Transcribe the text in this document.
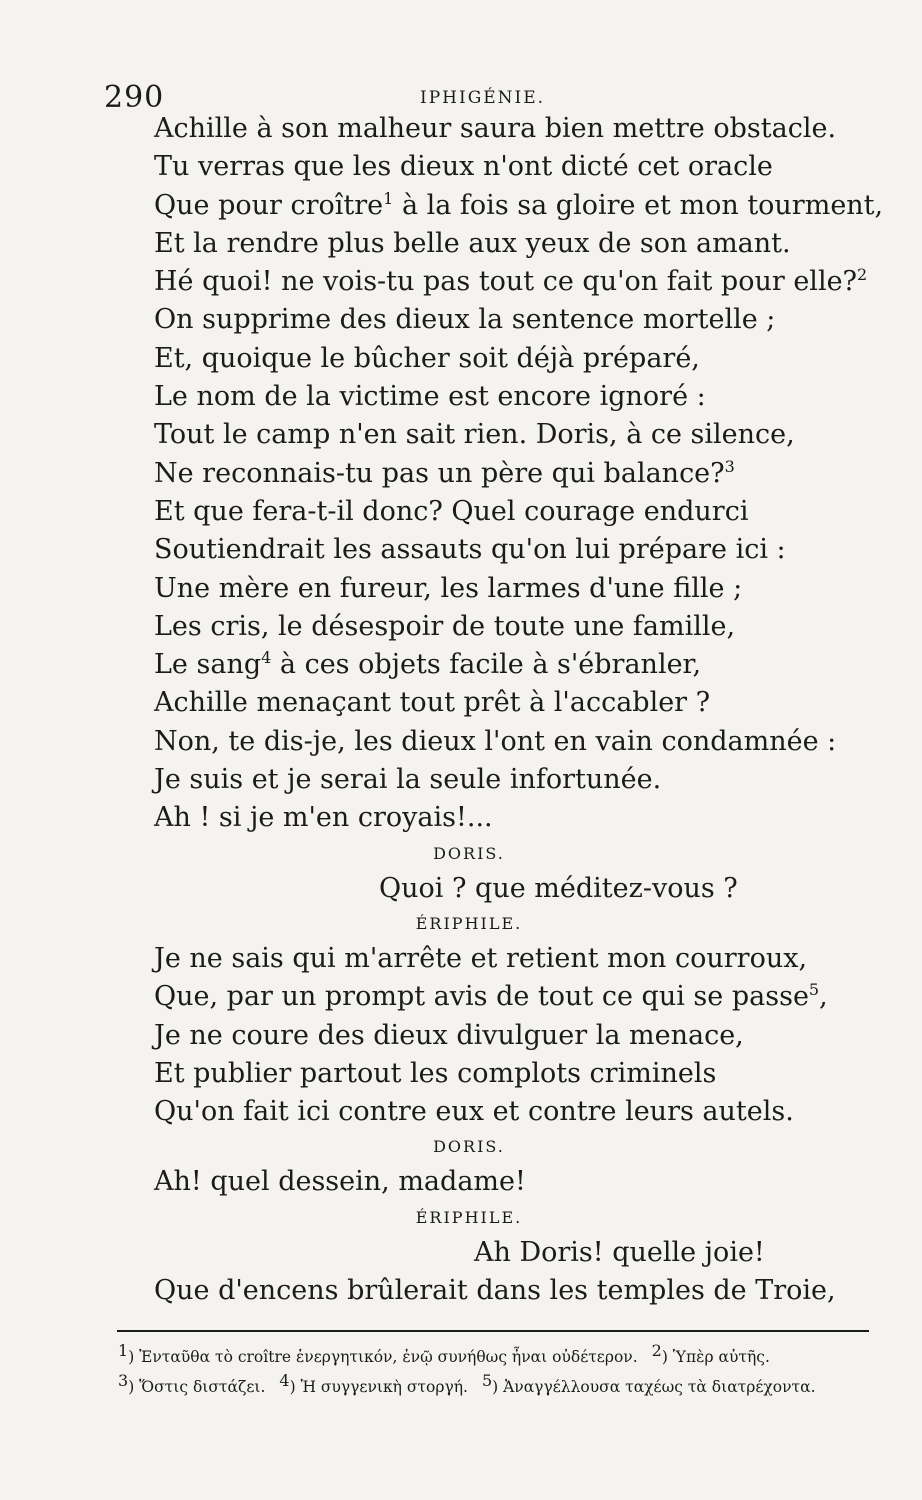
290	IPHIGÉNIE.
Achille à son malheur saura bien mettre obstacle.
Tu verras que les dieux n'ont dicté cet oracle
Que pour croître$^1$ à la fois sa gloire et mon tourment,
Et la rendre plus belle aux yeux de son amant.
Hé quoi! ne vois-tu pas tout ce qu'on fait pour elle?$^2$
On supprime des dieux la sentence mortelle ;
Et, quoique le bûcher soit déjà préparé,
Le nom de la victime est encore ignoré :
Tout le camp n'en sait rien. Doris, à ce silence,
Ne reconnais-tu pas un père qui balance?$^3$
Et que fera-t-il donc? Quel courage endurci
Soutiendrait les assauts qu'on lui prépare ici :
Une mère en fureur, les larmes d'une fille ;
Les cris, le désespoir de toute une famille,
Le sang$^4$ à ces objets facile à s'ébranler,
Achille menaçant tout prêt à l'accabler ?
Non, te dis-je, les dieux l'ont en vain condamnée :
Je suis et je serai la seule infortunée.
Ah ! si je m'en croyais!...
DORIS.
Quoi ? que méditez-vous ?
ÉRIPHILE.
Je ne sais qui m'arrête et retient mon courroux,
Que, par un prompt avis de tout ce qui se passe$^5$,
Je ne coure des dieux divulguer la menace,
Et publier partout les complots criminels
Qu'on fait ici contre eux et contre leurs autels.
DORIS.
Ah! quel dessein, madame!
ÉRIPHILE.
Ah Doris! quelle joie!
Que d'encens brûlerait dans les temples de Troie,
$^1$) Ἐνταῦθα τὸ croître ἐνεργητικόν, ἐνῷ συνήθως ἦναι οὐδέτερον. $^2$) Ὑπὲρ αὐτῆς.
$^3$) Ὅστις διστάζει. $^4$) Ἡ συγγενικὴ στοργή. $^5$) Ἀναγγέλλουσα ταχέως τὰ διατρέχοντα.
